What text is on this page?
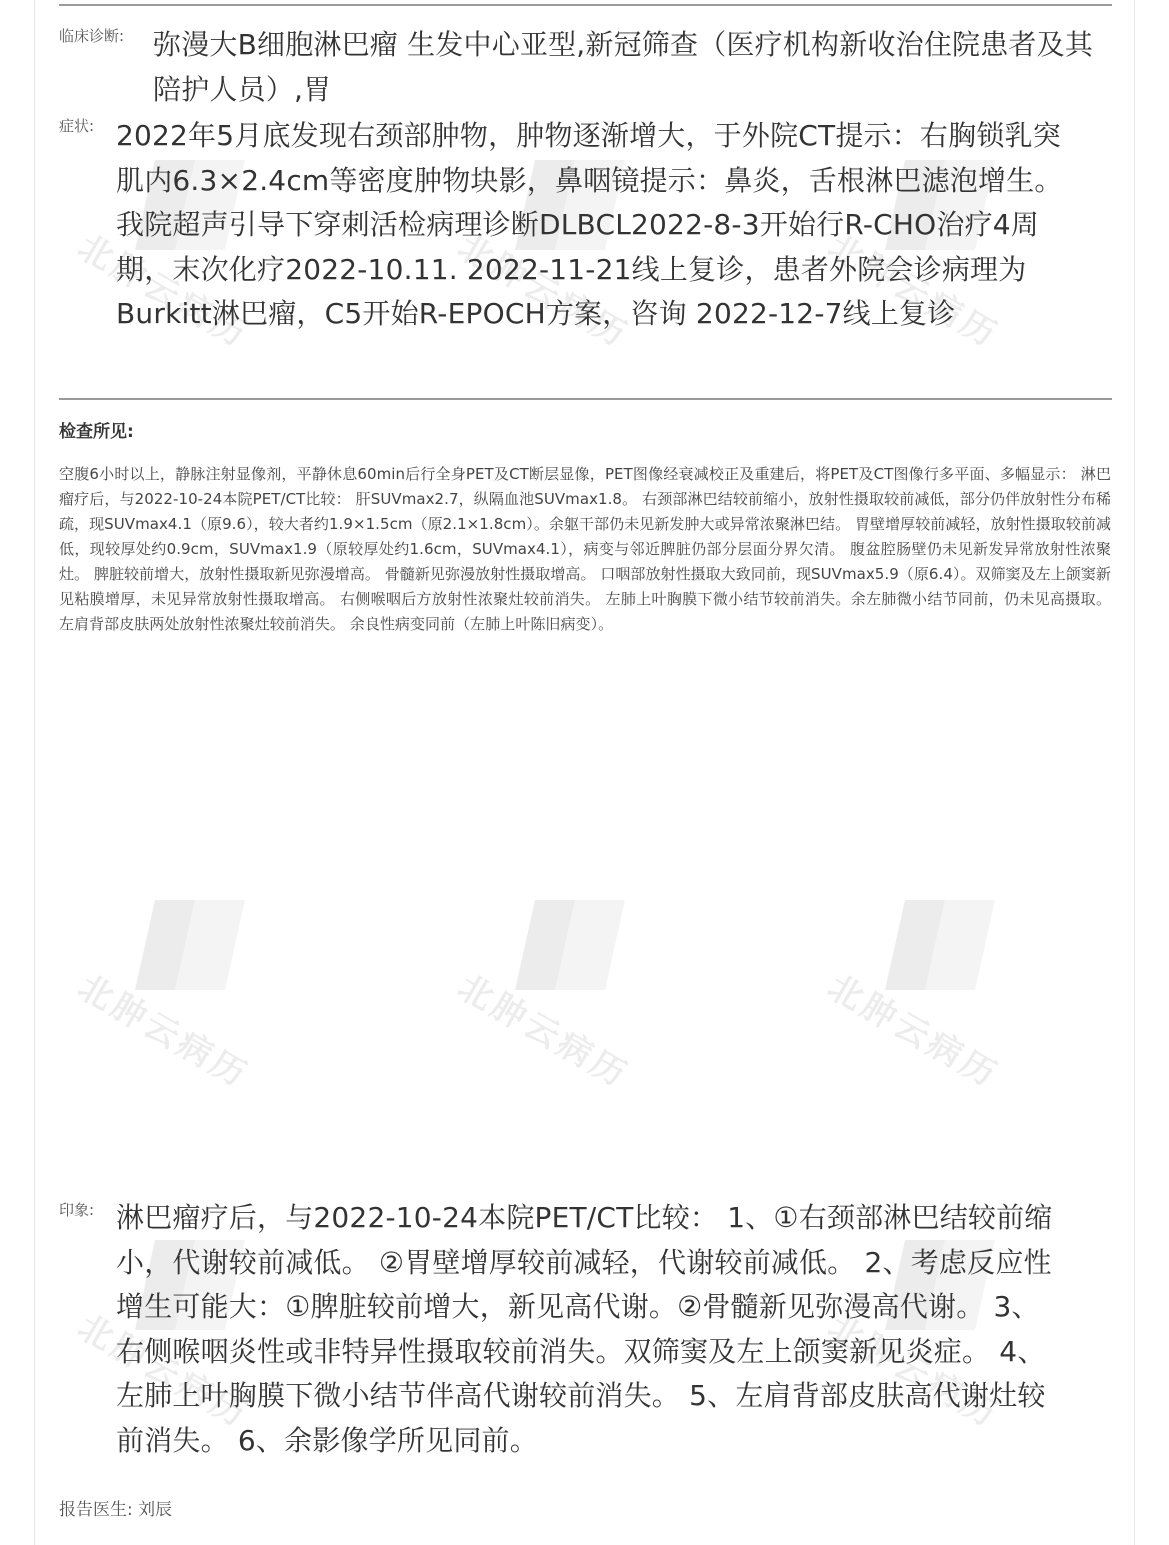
北肿云病历	北肿云病历	北肿云病历
北肿云病历	北肿云病历	北肿云病历
北肿云病历	北肿云病历
临床诊断: 弥漫大B细胞淋巴瘤 生发中心亚型,新冠筛查（医疗机构新收治住院患者及其陪护人员）,胃
症状: 2022年5月底发现右颈部肿物，肿物逐渐增大，于外院CT提示：右胸锁乳突肌内6.3×2.4cm等密度肿物块影，鼻咽镜提示：鼻炎，舌根淋巴滤泡增生。我院超声引导下穿刺活检病理诊断DLBCL2022-8-3开始行R-CHO治疗4周期，末次化疗2022-10.11. 2022-11-21线上复诊，患者外院会诊病理为Burkitt淋巴瘤，C5开始R-EPOCH方案，咨询 2022-12-7线上复诊
检查所见:
空腹6小时以上，静脉注射显像剂，平静休息60min后行全身PET及CT断层显像，PET图像经衰减校正及重建后，将PET及CT图像行多平面、多幅显示： 淋巴瘤疗后，与2022-10-24本院PET/CT比较： 肝SUVmax2.7，纵隔血池SUVmax1.8。 右颈部淋巴结较前缩小，放射性摄取较前减低，部分仍伴放射性分布稀疏，现SUVmax4.1（原9.6），较大者约1.9×1.5cm（原2.1×1.8cm）。余躯干部仍未见新发肿大或异常浓聚淋巴结。 胃壁增厚较前减轻，放射性摄取较前减低，现较厚处约0.9cm，SUVmax1.9（原较厚处约1.6cm，SUVmax4.1），病变与邻近脾脏仍部分层面分界欠清。 腹盆腔肠壁仍未见新发异常放射性浓聚灶。 脾脏较前增大，放射性摄取新见弥漫增高。 骨髓新见弥漫放射性摄取增高。 口咽部放射性摄取大致同前，现SUVmax5.9（原6.4）。双筛窦及左上颌窦新见粘膜增厚，未见异常放射性摄取增高。 右侧喉咽后方放射性浓聚灶较前消失。 左肺上叶胸膜下微小结节较前消失。余左肺微小结节同前，仍未见高摄取。 左肩背部皮肤两处放射性浓聚灶较前消失。 余良性病变同前（左肺上叶陈旧病变）。
印象: 淋巴瘤疗后，与2022-10-24本院PET/CT比较： 1、①右颈部淋巴结较前缩小，代谢较前减低。 ②胃壁增厚较前减轻，代谢较前减低。 2、考虑反应性增生可能大：①脾脏较前增大，新见高代谢。②骨髓新见弥漫高代谢。 3、右侧喉咽炎性或非特异性摄取较前消失。双筛窦及左上颌窦新见炎症。 4、左肺上叶胸膜下微小结节伴高代谢较前消失。 5、左肩背部皮肤高代谢灶较前消失。 6、余影像学所见同前。
报告医生: 刘辰
